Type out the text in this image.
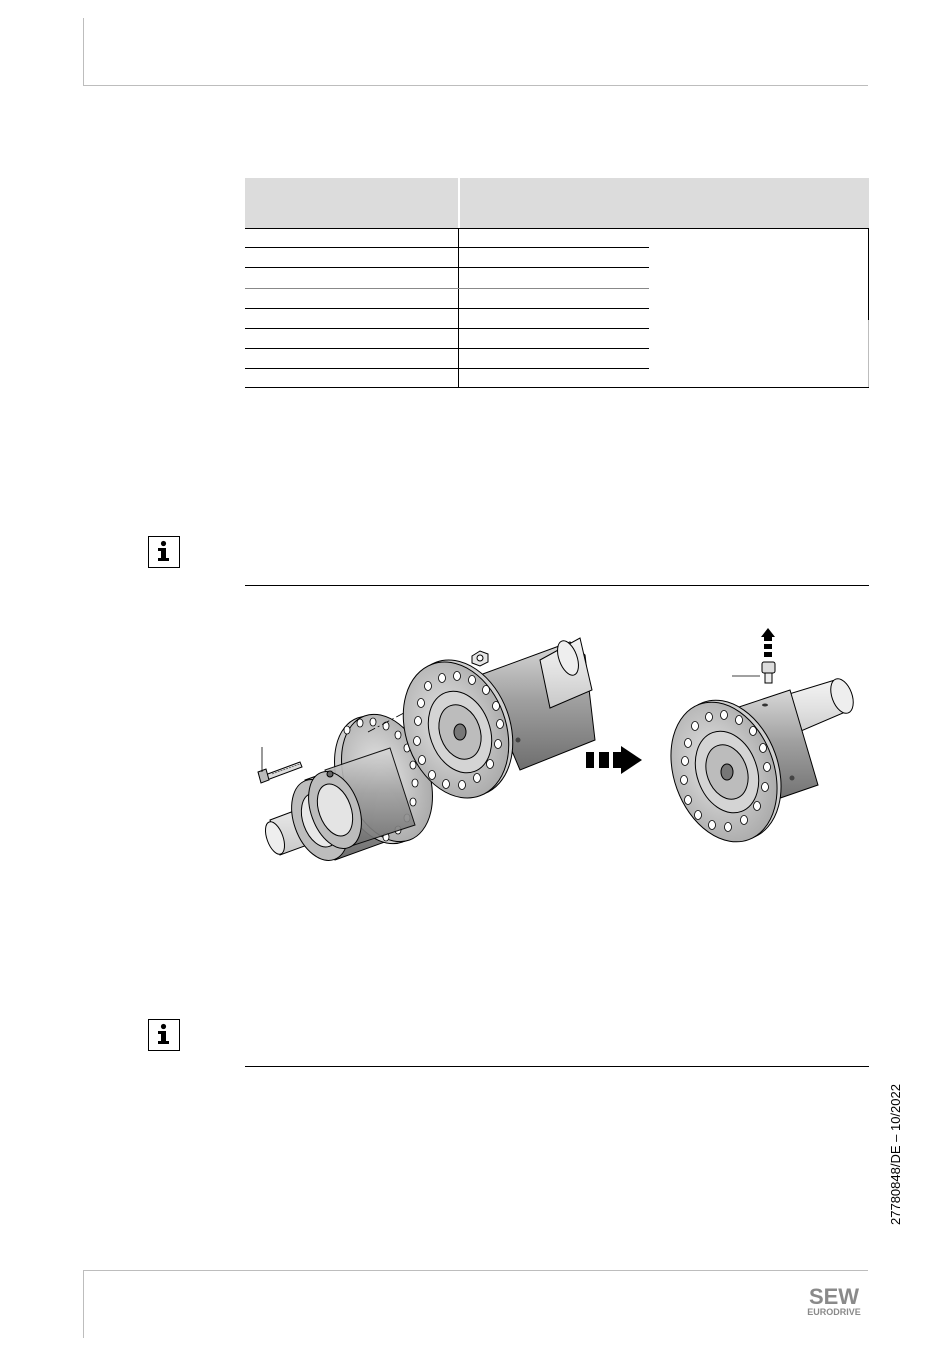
27780848/DE – 10/2022
SEW
EURODRIVE
